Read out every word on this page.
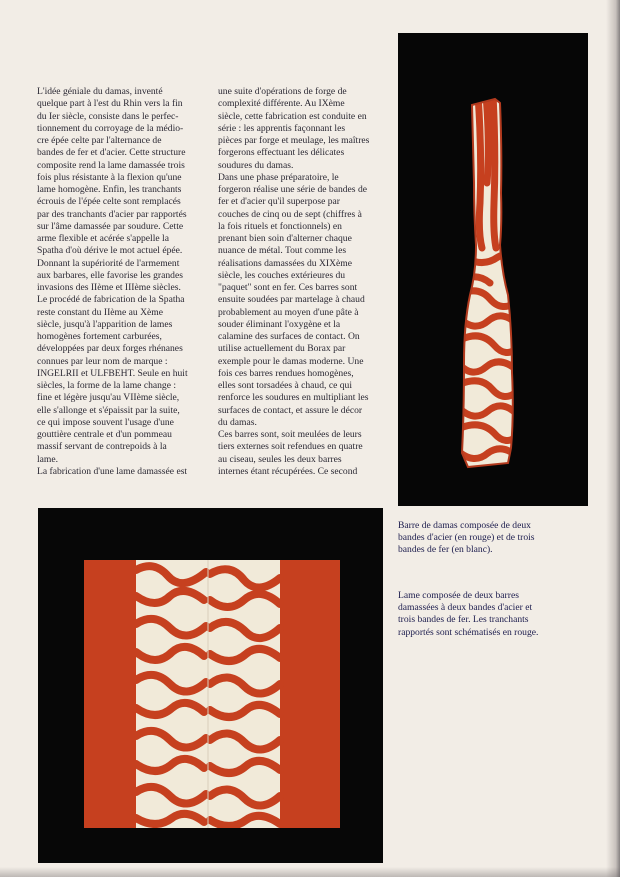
L'idée géniale du damas, inventé
quelque part à l'est du Rhin vers la fin
du Ier siècle, consiste dans le perfec-
tionnement du corroyage de la médio-
cre épée celte par l'alternance de
bandes de fer et d'acier. Cette structure
composite rend la lame damassée trois
fois plus résistante à la flexion qu'une
lame homogène. Enfin, les tranchants
écrouis de l'épée celte sont remplacés
par des tranchants d'acier par rapportés
sur l'âme damassée par soudure. Cette
arme flexible et acérée s'appelle la
Spatha d'où dérive le mot actuel épée.
Donnant la supériorité de l'armement
aux barbares, elle favorise les grandes
invasions des IIème et IIIème siècles.
Le procédé de fabrication de la Spatha
reste constant du IIème au Xème
siècle, jusqu'à l'apparition de lames
homogènes fortement carburées,
développées par deux forges rhénanes
connues par leur nom de marque :
INGELRII et ULFBEHT. Seule en huit
siècles, la forme de la lame change :
fine et légère jusqu'au VIIème siècle,
elle s'allonge et s'épaissit par la suite,
ce qui impose souvent l'usage d'une
gouttière centrale et d'un pommeau
massif servant de contrepoids à la
lame.
La fabrication d'une lame damassée est
une suite d'opérations de forge de
complexité différente. Au IXème
siècle, cette fabrication est conduite en
série : les apprentis façonnant les
pièces par forge et meulage, les maîtres
forgerons effectuant les délicates
soudures du damas.
Dans une phase préparatoire, le
forgeron réalise une série de bandes de
fer et d'acier qu'il superpose par
couches de cinq ou de sept (chiffres à
la fois rituels et fonctionnels) en
prenant bien soin d'alterner chaque
nuance de métal. Tout comme les
réalisations damassées du XIXème
siècle, les couches extérieures du
"paquet" sont en fer. Ces barres sont
ensuite soudées par martelage à chaud
probablement au moyen d'une pâte à
souder éliminant l'oxygène et la
calamine des surfaces de contact. On
utilise actuellement du Borax par
exemple pour le damas moderne. Une
fois ces barres rendues homogènes,
elles sont torsadées à chaud, ce qui
renforce les soudures en multipliant les
surfaces de contact, et assure le décor
du damas.
Ces barres sont, soit meulées de leurs
tiers externes soit refendues en quatre
au ciseau, seules les deux barres
internes étant récupérées. Ce second
Barre de damas composée de deux
bandes d'acier (en rouge) et de trois
bandes de fer (en blanc).
Lame composée de deux barres
damassées à deux bandes d'acier et
trois bandes de fer. Les tranchants
rapportés sont schématisés en rouge.
